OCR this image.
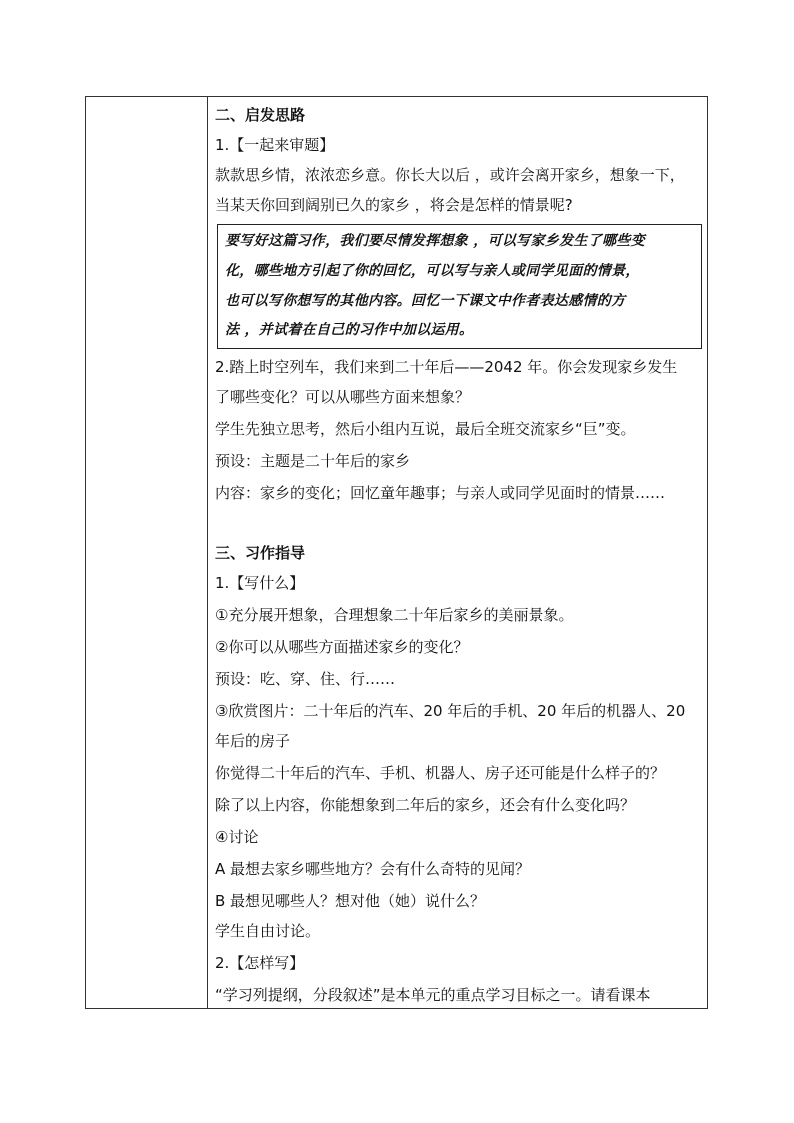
二、启发思路
1.【一起来审题】
款款思乡情，浓浓恋乡意。你长大以后 ，或许会离开家乡，想象一下，
当某天你回到阔别已久的家乡 ，将会是怎样的情景呢?
要写好这篇习作，我们要尽情发挥想象 ，可以写家乡发生了哪些变
化，哪些地方引起了你的回忆，可以写与亲人或同学见面的情景，
也可以写你想写的其他内容。回忆一下课文中作者表达感情的方
法 ，并试着在自己的习作中加以运用。
2.踏上时空列车，我们来到二十年后——2042 年。你会发现家乡发生
了哪些变化？可以从哪些方面来想象？
学生先独立思考，然后小组内互说，最后全班交流家乡“巨”变。
预设：主题是二十年后的家乡
内容：家乡的变化；回忆童年趣事；与亲人或同学见面时的情景……
三、习作指导
1.【写什么】
①充分展开想象，合理想象二十年后家乡的美丽景象。
②你可以从哪些方面描述家乡的变化？
预设：吃、穿、住、行……
③欣赏图片：二十年后的汽车、20 年后的手机、20 年后的机器人、20
年后的房子
你觉得二十年后的汽车、手机、机器人、房子还可能是什么样子的？
除了以上内容，你能想象到二年后的家乡，还会有什么变化吗？
④讨论
A 最想去家乡哪些地方？会有什么奇特的见闻？
B 最想见哪些人？想对他（她）说什么？
学生自由讨论。
2.【怎样写】
“学习列提纲，分段叙述”是本单元的重点学习目标之一。请看课本
